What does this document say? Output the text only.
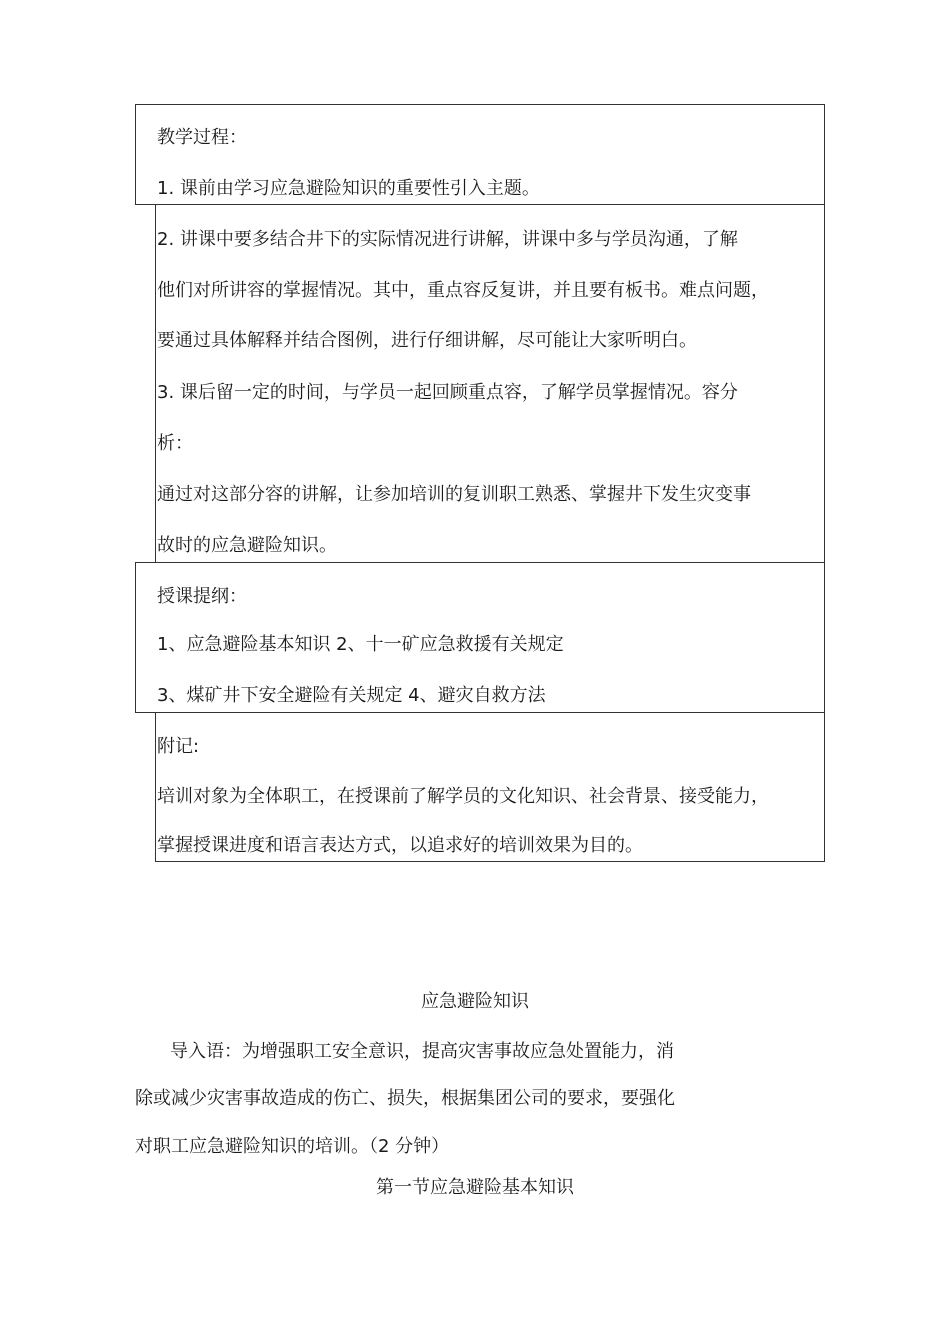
教学过程：
1. 课前由学习应急避险知识的重要性引入主题。
2. 讲课中要多结合井下的实际情况进行讲解，讲课中多与学员沟通，了解
他们对所讲容的掌握情况。其中，重点容反复讲，并且要有板书。难点问题，
要通过具体解释并结合图例，进行仔细讲解，尽可能让大家听明白。
3. 课后留一定的时间，与学员一起回顾重点容，了解学员掌握情况。容分
析：
通过对这部分容的讲解，让参加培训的复训职工熟悉、掌握井下发生灾变事
故时的应急避险知识。
授课提纲：
1、应急避险基本知识 2、十一矿应急救援有关规定
3、煤矿井下安全避险有关规定 4、避灾自救方法
附记:
培训对象为全体职工，在授课前了解学员的文化知识、社会背景、接受能力，
掌握授课进度和语言表达方式，以追求好的培训效果为目的。
应急避险知识
导入语：为增强职工安全意识，提高灾害事故应急处置能力，消
除或减少灾害事故造成的伤亡、损失，根据集团公司的要求，要强化
对职工应急避险知识的培训。（2 分钟）
第一节应急避险基本知识
